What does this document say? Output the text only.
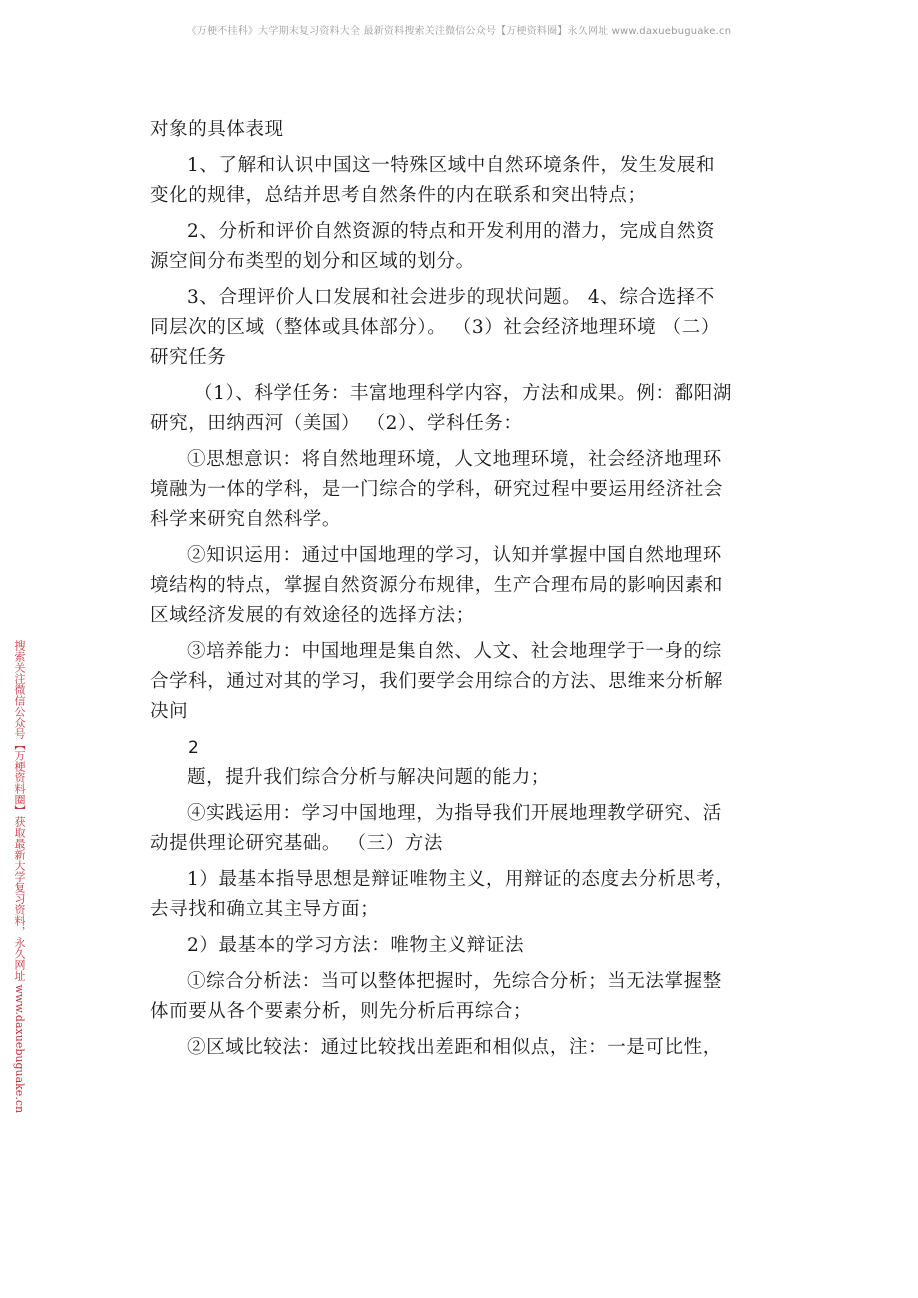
《万梗不挂科》大学期末复习资料大全 最新资料搜索关注微信公众号【万梗资料圈】永久网址 www.daxuebuguake.cn
搜索关注微信公众号【万梗资料圈】获取最新大学复习资料，永久网址 www.daxuebuguake.cn
对象的具体表现
1、了解和认识中国这一特殊区域中自然环境条件，发生发展和
变化的规律，总结并思考自然条件的内在联系和突出特点；
2、分析和评价自然资源的特点和开发利用的潜力，完成自然资
源空间分布类型的划分和区域的划分。
3、合理评价人口发展和社会进步的现状问题。 4、综合选择不
同层次的区域（整体或具体部分）。 （3）社会经济地理环境 （二）
研究任务
（1）、科学任务：丰富地理科学内容，方法和成果。例：鄱阳湖
研究，田纳西河（美国） （2）、学科任务：
①思想意识：将自然地理环境，人文地理环境，社会经济地理环
境融为一体的学科，是一门综合的学科，研究过程中要运用经济社会
科学来研究自然科学。
②知识运用：通过中国地理的学习，认知并掌握中国自然地理环
境结构的特点，掌握自然资源分布规律，生产合理布局的影响因素和
区域经济发展的有效途径的选择方法；
③培养能力：中国地理是集自然、人文、社会地理学于一身的综
合学科，通过对其的学习，我们要学会用综合的方法、思维来分析解
决问
2
题，提升我们综合分析与解决问题的能力；
④实践运用：学习中国地理，为指导我们开展地理教学研究、活
动提供理论研究基础。 （三）方法
1）最基本指导思想是辩证唯物主义，用辩证的态度去分析思考，
去寻找和确立其主导方面；
2）最基本的学习方法：唯物主义辩证法
①综合分析法：当可以整体把握时，先综合分析；当无法掌握整
体而要从各个要素分析，则先分析后再综合；
②区域比较法：通过比较找出差距和相似点，注：一是可比性，
